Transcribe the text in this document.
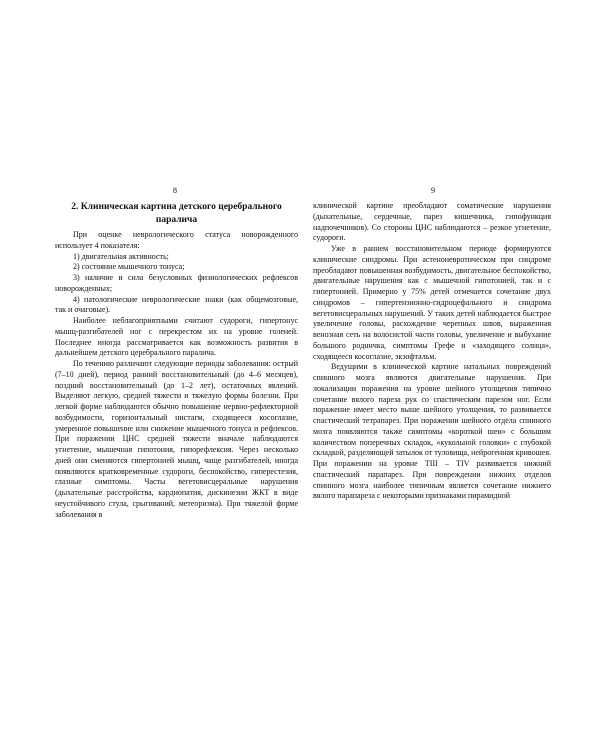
8
2. Клиническая картина детского церебрального
паралича

При оценке неврологического статуса новорожденного использует 4 показателя:

1) двигательная активность;

2) состояние мышечного тонуса;

3) наличие и сила безусловных физиологических рефлексов новорожденных;

4) патологические неврологические знаки (как общемозговые, так и очаговые).

Наиболее неблагоприятными считают судороги, гипертонус мышц-разгибателей ног с перекрестом их на уровне голеней. Последнее иногда рассматривается как возможность развития в дальнейшем детского церебрального паралича.

По течению различают следующие периоды заболевания: острый (7–10 дней), период ранний восстановительный (до 4–6 месяцев), поздний восстановительный (до 1–2 лет), остаточных явлений. Выделяют легкую, средней тяжести и тяжелую формы болезни. При легкой форме наблюдаются обычно повышение нервно-рефлекторной возбудимости, горизонтальный нистагм, сходящееся косоглазие, умеренное повышение или снижение мышечного тонуса и рефлексов. При поражении ЦНС средней тяжести вначале наблюдаются угнетение, мышечная гипотония, гипорефлексия. Через несколько дней они сменяются гипертонией мышц, чаще разгибателей, иногда появляются кратковременные судороги, беспокойство, гиперестезия, глазные симптомы. Часты вегетовисцеральные нарушения (дыхательные расстройства, кардиопатия, дискинезии ЖКТ в виде неустойчивого стула, срыгиваний, метеоризма). При тяжелой форме заболевания в

9

клинической картине преобладают соматические нарушения (дыхательные, сердечные, парез кишечника, гипофункция надпочечников). Со стороны ЦНС наблюдаются – резкое угнетение, судороги.

Уже в раннем восстановительном периоде формируются клинические синдромы. При астеноневротическом при синдроме преобладают повышенная возбудимость, двигательное беспокойство, двигательные нарушения как с мышечной гипотонией, так и с гипертонией. Примерно у 75% детей отмечается сочетание двух синдромов – гипертензионно-гидроцефального и синдрома вегетовисцеральных нарушений. У таких детей наблюдается быстрое увеличение головы, расхождение черепных швов, выраженная венозная сеть на волосистой части головы, увеличение и выбухание большого родничка, симптомы Грефе и «заходящего солнца», сходящееся косоглазие, экзофтальм.

Ведущими в клинической картине натальных повреждений спинного мозга являются двигательные нарушения. При локализации поражения на уровне шейного утолщения типично сочетание вялого пареза рук со спастическим парезом ног. Если поражение имеет место выше шейного утолщения, то развивается спастический тетрапарез. При поражении шейного отдела спинного мозга появляются также симптомы «короткой шеи» с большим количеством поперечных складок, «кукольной головки» с глубокой складкой, разделяющей затылок от туловища, нейрогенная кривошея. При поражении на уровне ТIII – ТIV развивается нижний спастический парапарез. При повреждении нижних отделов спинного мозга наиболее типичным является сочетание нижнего вялого парапареза с некоторыми признаками пирамидной
